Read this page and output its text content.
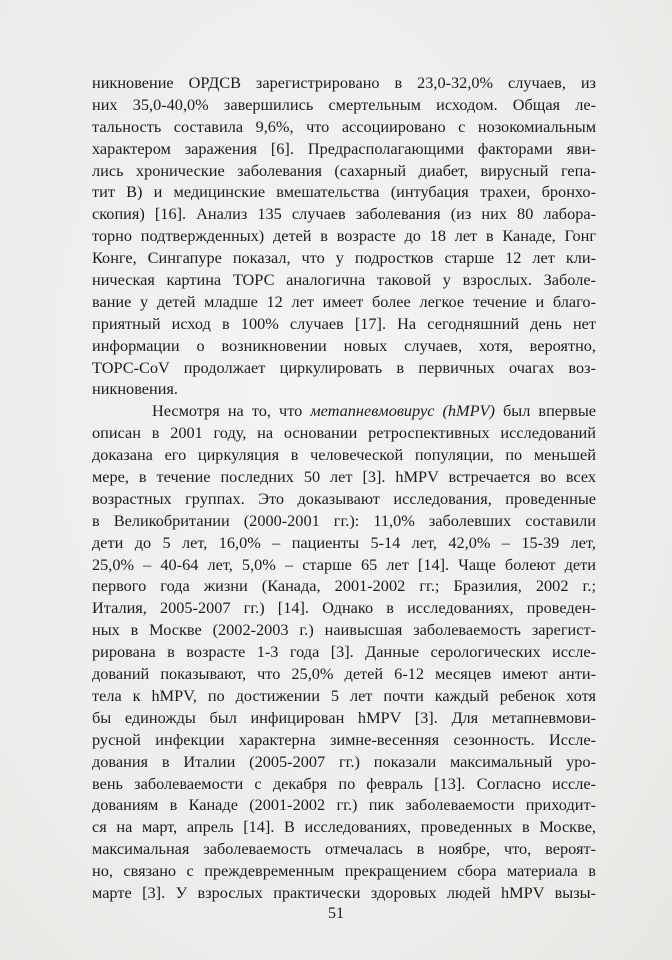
никновение ОРДСВ зарегистрировано в 23,0-32,0% случаев, из
них 35,0-40,0% завершились смертельным исходом. Общая ле-
тальность составила 9,6%, что ассоциировано с нозокомиальным
характером заражения [6]. Предрасполагающими факторами яви-
лись хронические заболевания (сахарный диабет, вирусный гепа-
тит В) и медицинские вмешательства (интубация трахеи, бронхо-
скопия) [16]. Анализ 135 случаев заболевания (из них 80 лабора-
торно подтвержденных) детей в возрасте до 18 лет в Канаде, Гонг
Конге, Сингапуре показал, что у подростков старше 12 лет кли-
ническая картина ТОРС аналогична таковой у взрослых. Заболе-
вание у детей младше 12 лет имеет более легкое течение и благо-
приятный исход в 100% случаев [17]. На сегодняшний день нет
информации о возникновении новых случаев, хотя, вероятно,
ТОРС-CoV продолжает циркулировать в первичных очагах воз-
никновения.
Несмотря на то, что метапневмовирус (hMPV) был впервые
описан в 2001 году, на основании ретроспективных исследований
доказана его циркуляция в человеческой популяции, по меньшей
мере, в течение последних 50 лет [3]. hMPV встречается во всех
возрастных группах. Это доказывают исследования, проведенные
в Великобритании (2000-2001 гг.): 11,0% заболевших составили
дети до 5 лет, 16,0% – пациенты 5-14 лет, 42,0% – 15-39 лет,
25,0% – 40-64 лет, 5,0% – старше 65 лет [14]. Чаще болеют дети
первого года жизни (Канада, 2001-2002 гг.; Бразилия, 2002 г.;
Италия, 2005-2007 гг.) [14]. Однако в исследованиях, проведен-
ных в Москве (2002-2003 г.) наивысшая заболеваемость зарегист-
рирована в возрасте 1-3 года [3]. Данные серологических иссле-
дований показывают, что 25,0% детей 6-12 месяцев имеют анти-
тела к hMPV, по достижении 5 лет почти каждый ребенок хотя
бы единожды был инфицирован hMPV [3]. Для метапневмови-
русной инфекции характерна зимне-весенняя сезонность. Иссле-
дования в Италии (2005-2007 гг.) показали максимальный уро-
вень заболеваемости с декабря по февраль [13]. Согласно иссле-
дованиям в Канаде (2001-2002 гг.) пик заболеваемости приходит-
ся на март, апрель [14]. В исследованиях, проведенных в Москве,
максимальная заболеваемость отмечалась в ноябре, что, вероят-
но, связано с преждевременным прекращением сбора материала в
марте [3]. У взрослых практически здоровых людей hMPV вызы-
51
